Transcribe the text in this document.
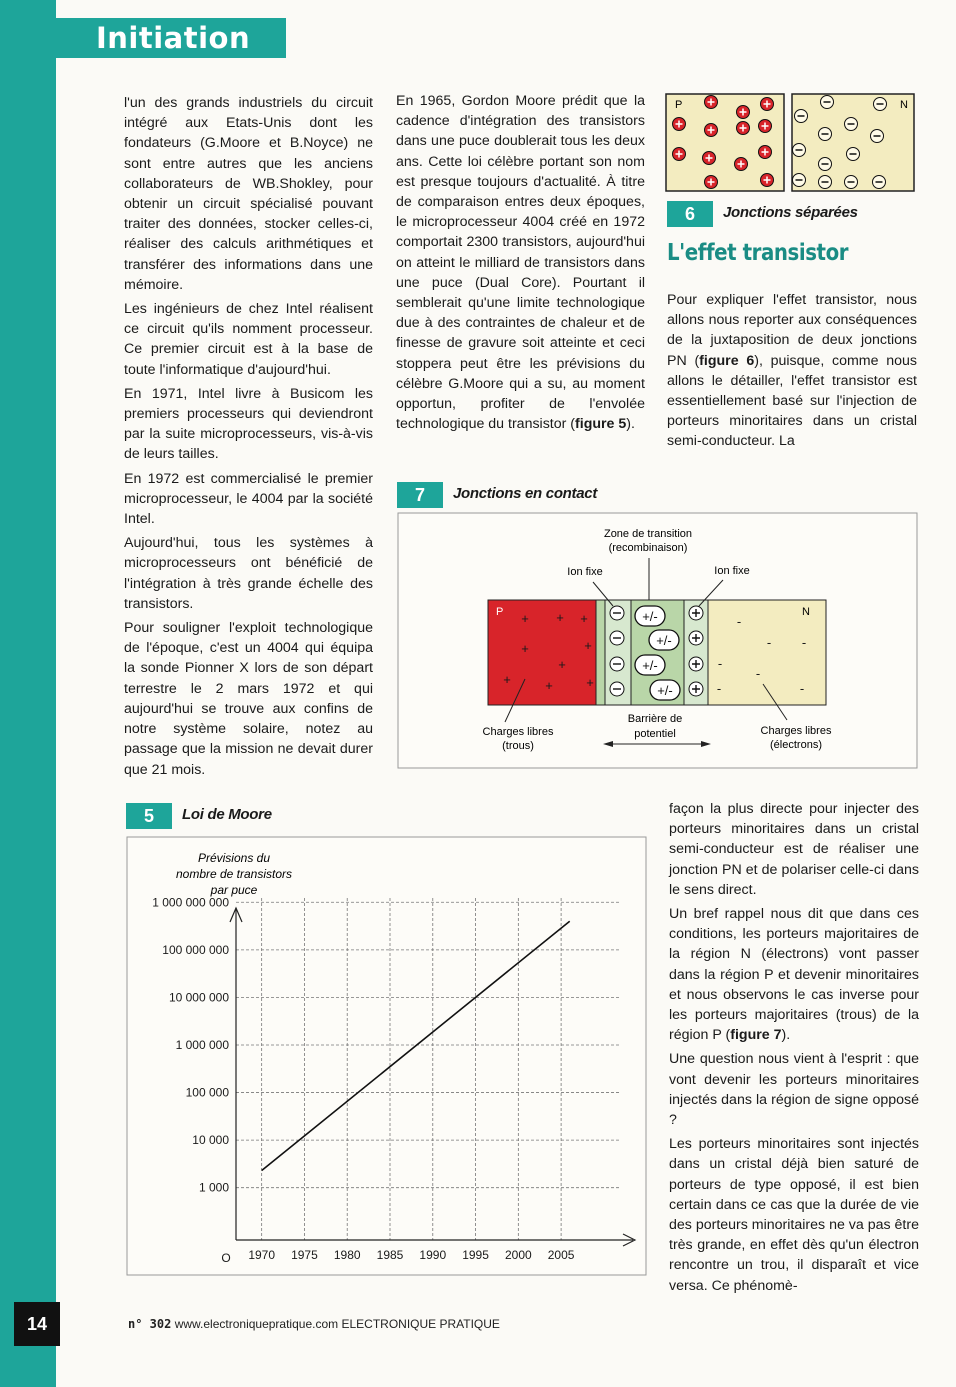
Initiation

l'un des grands industriels du circuit intégré aux Etats-Unis dont les fondateurs (G.Moore et B.Noyce) ne sont entre autres que les anciens collaborateurs de WB.Shokley, pour obtenir un circuit spécialisé pouvant traiter des données, stocker celles-ci, réaliser des calculs arithmétiques et transférer des informations dans une mémoire.

Les ingénieurs de chez Intel réalisent ce circuit qu'ils nomment processeur. Ce premier circuit est à la base de toute l'informatique d'aujourd'hui.

En 1971, Intel livre à Busicom les premiers processeurs qui deviendront par la suite microprocesseurs, vis-à-vis de leurs tailles.

En 1972 est commercialisé le premier microprocesseur, le 4004 par la société Intel.

Aujourd'hui, tous les systèmes à microprocesseurs ont bénéficié de l'intégration à très grande échelle des transistors.

Pour souligner l'exploit technologique de l'époque, c'est un 4004 qui équipa la sonde Pionner X lors de son départ terrestre le 2 mars 1972 et qui aujourd'hui se trouve aux confins de notre système solaire, notez au passage que la mission ne devait durer que 21 mois.

En 1965, Gordon Moore prédit que la cadence d'intégration des transistors dans une puce doublerait tous les deux ans. Cette loi célèbre portant son nom est presque toujours d'actualité. À titre de comparaison entres deux époques, le microprocesseur 4004 créé en 1972 comportait 2300 transistors, aujourd'hui on atteint le milliard de transistors dans une puce (Dual Core). Pourtant il semblerait qu'une limite technologique due à des contraintes de chaleur et de finesse de gravure soit atteinte et ceci stoppera peut être les prévisions du célèbre G.Moore qui a su, au moment opportun, profiter de l'envolée technologique du transistor (figure 5).

P	N
6	Jonctions séparées
L'effet transistor

Pour expliquer l'effet transistor, nous allons nous reporter aux conséquences de la juxtaposition de deux jonctions PN (figure 6), puisque, comme nous allons le détailler, l'effet transistor est essentiellement basé sur l'injection de porteurs minoritaires dans un cristal semi-conducteur. La

7	Jonctions en contact
P	N
+ + +
+	+
+
+	+	+
-
- -
-
-
-	-
+/-
+/-
+/-
+/-
Zone de transition
(recombinaison)
Ion fixe	Ion fixe
Charges libres
(trous)
Barrière de
potentiel	Charges libres
(électrons)
5	Loi de Moore
Prévisions du
nombre de transistors
par puce
1 000
10 000
100 000
1 000 000
10 000 000
100 000 000
1 000 000 000
1970 1975 1980 1985 1990 1995 2000 2005
O

façon la plus directe pour injecter des porteurs minoritaires dans un cristal semi-conducteur est de réaliser une jonction PN et de polariser celle-ci dans le sens direct.

Un bref rappel nous dit que dans ces conditions, les porteurs majoritaires de la région N (électrons) vont passer dans la région P et devenir minoritaires et nous observons le cas inverse pour les porteurs majoritaires (trous) de la région P (figure 7).

Une question nous vient à l'esprit : que vont devenir les porteurs minoritaires injectés dans la région de signe opposé ?

Les porteurs minoritaires sont injectés dans un cristal déjà bien saturé de porteurs de type opposé, il est bien certain dans ce cas que la durée de vie des porteurs minoritaires ne va pas être très grande, en effet dès qu'un électron rencontre un trou, il disparaît et vice versa. Ce phénomè-

14	n° 302 www.electroniquepratique.com ELECTRONIQUE PRATIQUE
